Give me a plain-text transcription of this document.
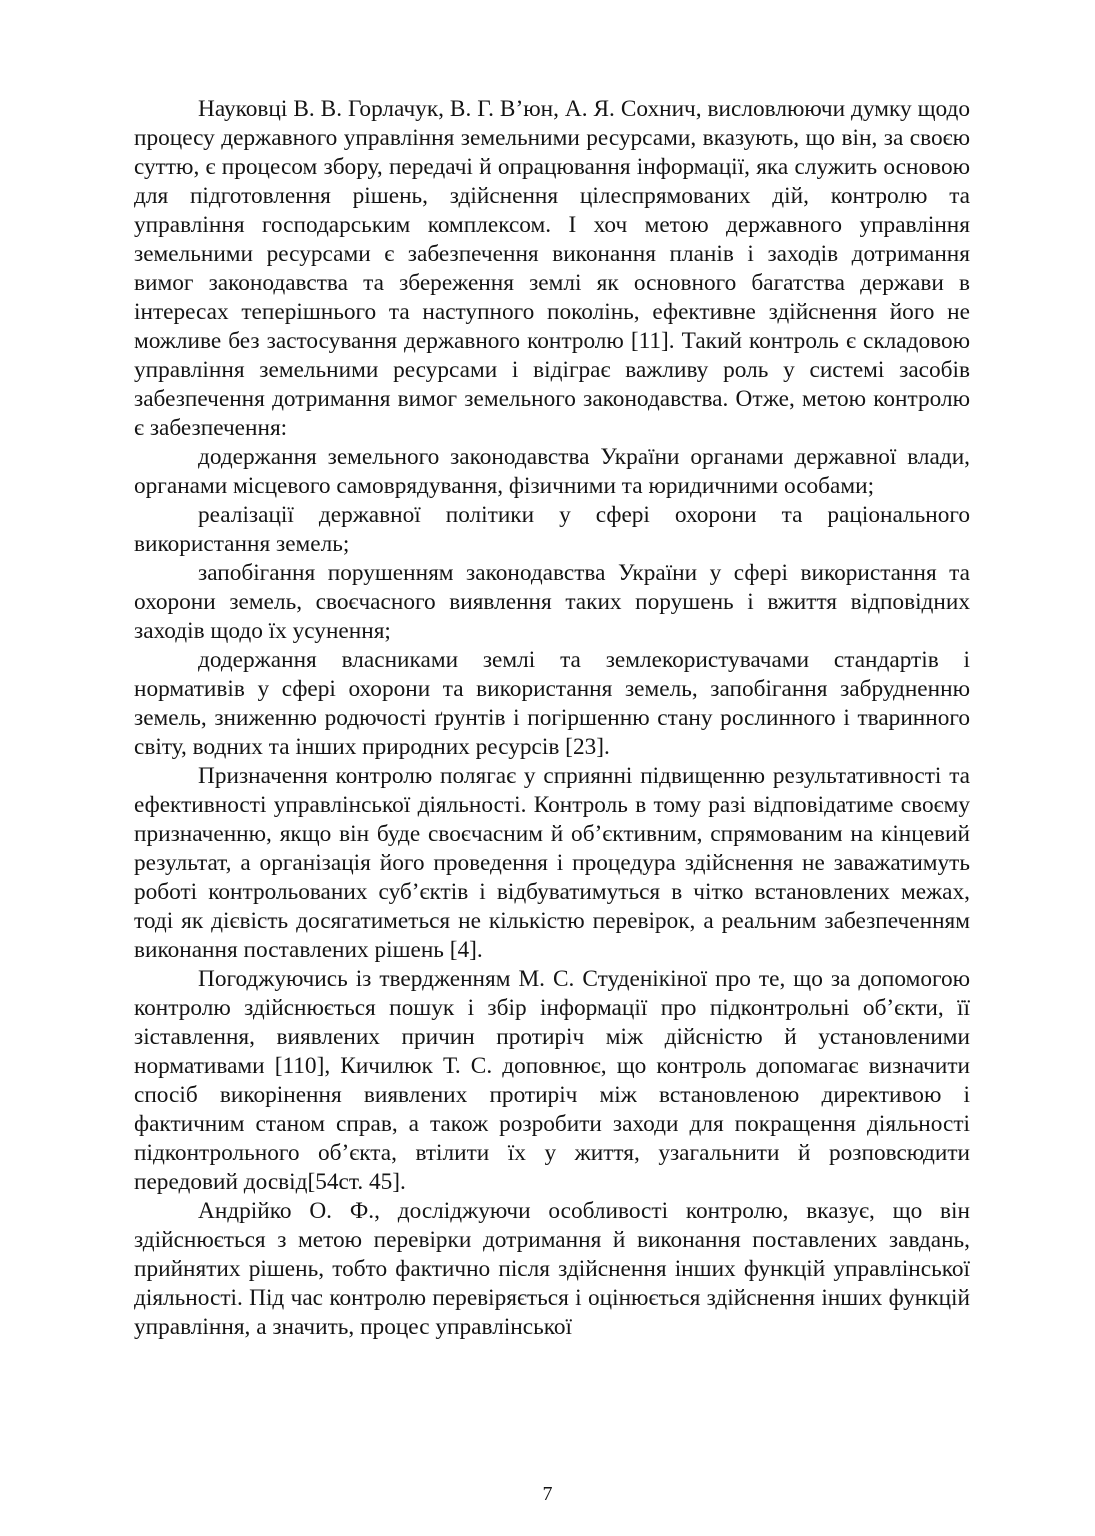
Науковці В. В. Горлачук, В. Г. В’юн, А. Я. Сохнич, висловлюючи думку щодо процесу державного управління земельними ресурсами, вказують, що він, за своєю суттю, є процесом збору, передачі й опрацювання інформації, яка служить основою для підготовлення рішень, здійснення цілеспрямованих дій, контролю та управління господарським комплексом. І хоч метою державного управління земельними ресурсами є забезпечення виконання планів і заходів дотримання вимог законодавства та збереження землі як основного багатства держави в інтересах теперішнього та наступного поколінь, ефективне здійснення його не можливе без застосування державного контролю [11]. Такий контроль є складовою управління земельними ресурсами і відіграє важливу роль у системі засобів забезпечення дотримання вимог земельного законодавства. Отже, метою контролю є забезпечення:

додержання земельного законодавства України органами державної влади, органами місцевого самоврядування, фізичними та юридичними особами;

реалізації державної політики у сфері охорони та раціонального використання земель;

запобігання порушенням законодавства України у сфері використання та охорони земель, своєчасного виявлення таких порушень і вжиття відповідних заходів щодо їх усунення;

додержання власниками землі та землекористувачами стандартів і нормативів у сфері охорони та використання земель, запобігання забрудненню земель, зниженню родючості ґрунтів і погіршенню стану рослинного і тваринного світу, водних та інших природних ресурсів [23].

Призначення контролю полягає у сприянні підвищенню результативності та ефективності управлінської діяльності. Контроль в тому разі відповідатиме своєму призначенню, якщо він буде своєчасним й об’єктивним, спрямованим на кінцевий результат, а організація його проведення і процедура здійснення не заважатимуть роботі контрольованих суб’єктів і відбуватимуться в чітко встановлених межах, тоді як дієвість досягатиметься не кількістю перевірок, а реальним забезпеченням виконання поставлених рішень [4].

Погоджуючись із твердженням М. С. Студенікіної про те, що за допомогою контролю здійснюється пошук і збір інформації про підконтрольні об’єкти, її зіставлення, виявлених причин протиріч між дійсністю й установленими нормативами [110], Кичилюк Т. С. доповнює, що контроль допомагає визначити спосіб викорінення виявлених протиріч між встановленою директивою і фактичним станом справ, а також розробити заходи для покращення діяльності підконтрольного об’єкта, втілити їх у життя, узагальнити й розповсюдити передовий досвід[54ст. 45].

Андрійко О. Ф., досліджуючи особливості контролю, вказує, що він здійснюється з метою перевірки дотримання й виконання поставлених завдань, прийнятих рішень, тобто фактично після здійснення інших функцій управлінської діяльності. Під час контролю перевіряється і оцінюється здійснення інших функцій управління, а значить, процес управлінської

7
